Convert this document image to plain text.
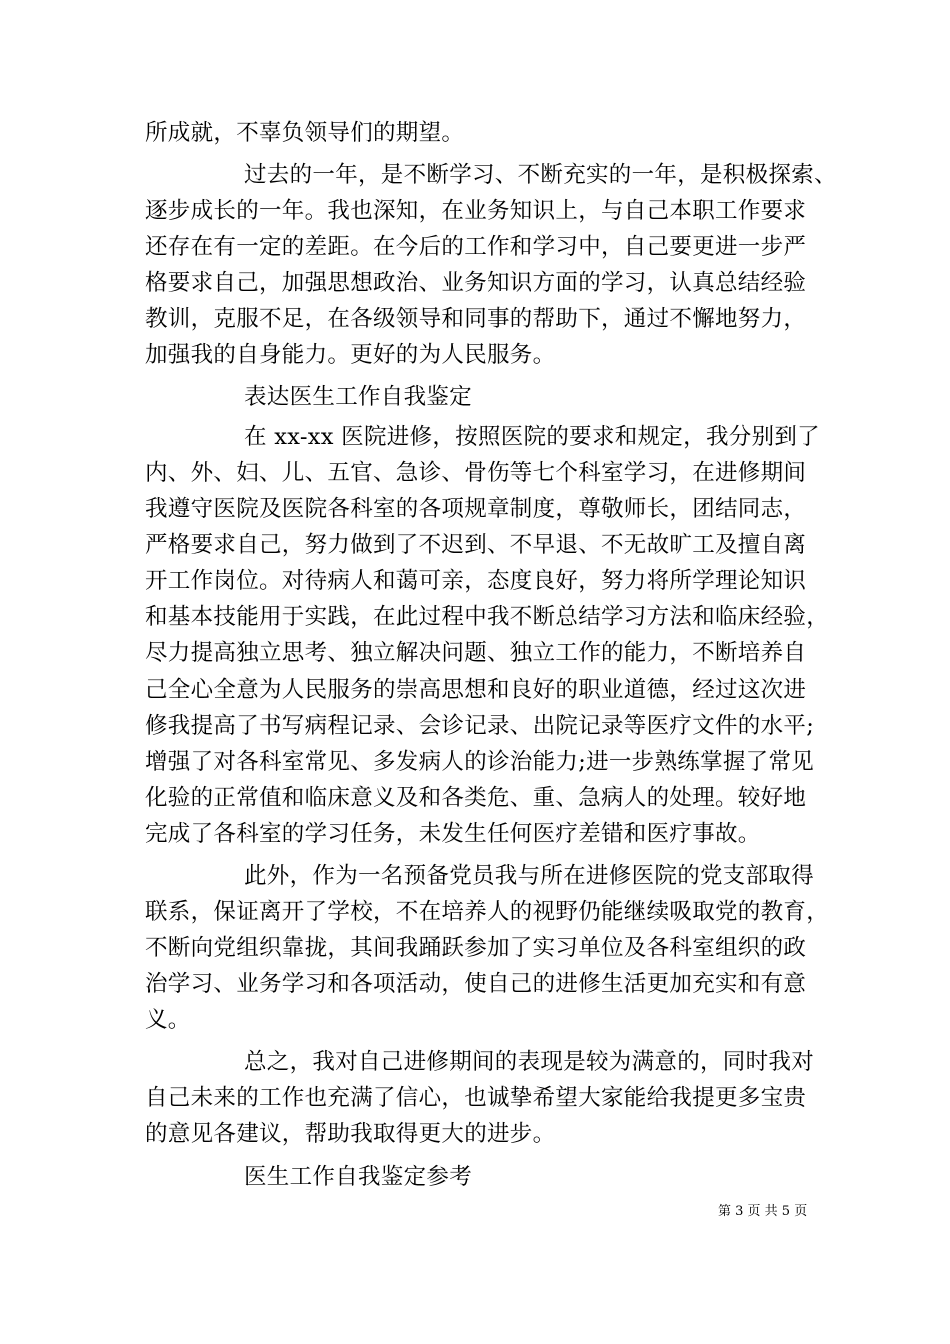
所成就，不辜负领导们的期望。
过去的一年，是不断学习、不断充实的一年，是积极探索、
逐步成长的一年。我也深知，在业务知识上，与自己本职工作要求
还存在有一定的差距。在今后的工作和学习中，自己要更进一步严
格要求自己，加强思想政治、业务知识方面的学习，认真总结经验
教训，克服不足，在各级领导和同事的帮助下，通过不懈地努力，
加强我的自身能力。更好的为人民服务。
表达医生工作自我鉴定
在 xx-xx 医院进修，按照医院的要求和规定，我分别到了
内、外、妇、儿、五官、急诊、骨伤等七个科室学习，在进修期间
我遵守医院及医院各科室的各项规章制度，尊敬师长，团结同志，
严格要求自己，努力做到了不迟到、不早退、不无故旷工及擅自离
开工作岗位。对待病人和蔼可亲，态度良好，努力将所学理论知识
和基本技能用于实践，在此过程中我不断总结学习方法和临床经验，
尽力提高独立思考、独立解决问题、独立工作的能力，不断培养自
己全心全意为人民服务的崇高思想和良好的职业道德，经过这次进
修我提高了书写病程记录、会诊记录、出院记录等医疗文件的水平;
增强了对各科室常见、多发病人的诊治能力;进一步熟练掌握了常见
化验的正常值和临床意义及和各类危、重、急病人的处理。较好地
完成了各科室的学习任务，未发生任何医疗差错和医疗事故。
此外，作为一名预备党员我与所在进修医院的党支部取得
联系，保证离开了学校，不在培养人的视野仍能继续吸取党的教育，
不断向党组织靠拢，其间我踊跃参加了实习单位及各科室组织的政
治学习、业务学习和各项活动，使自己的进修生活更加充实和有意
义。
总之，我对自己进修期间的表现是较为满意的，同时我对
自己未来的工作也充满了信心，也诚挚希望大家能给我提更多宝贵
的意见各建议，帮助我取得更大的进步。
医生工作自我鉴定参考
第 3 页 共 5 页
